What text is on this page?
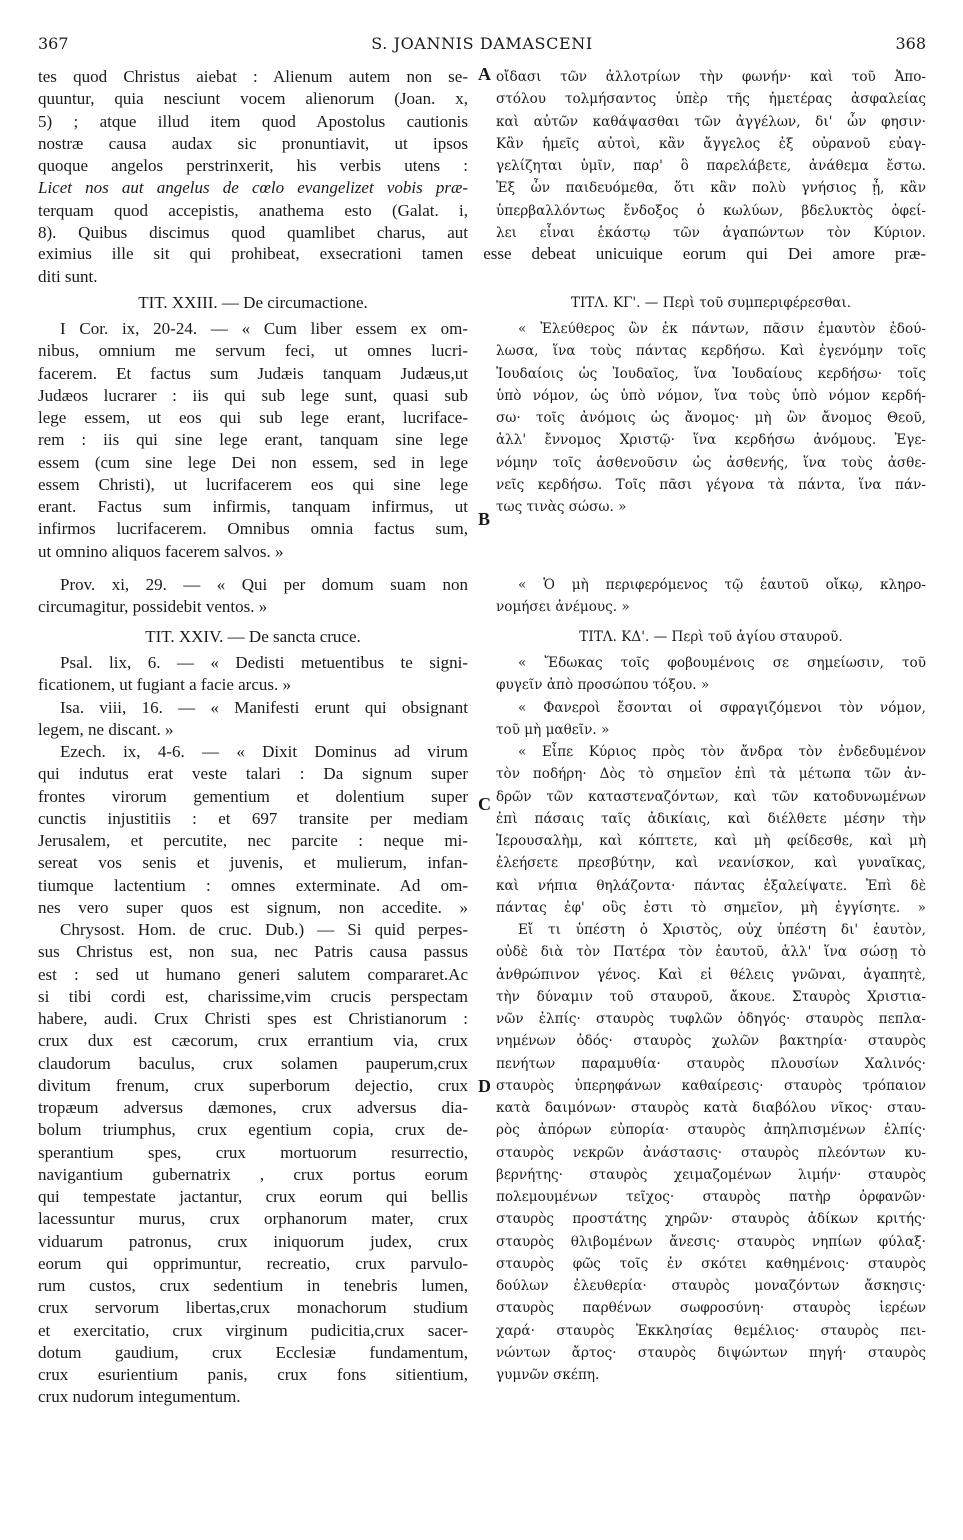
367	S. JOANNIS DAMASCENI	368
A
B
C
D
tes quod Christus aiebat : Alienum autem non se-
quuntur, quia nesciunt vocem alienorum (Joan. x,
5) ; atque illud item quod Apostolus cautionis
nostræ causa audax sic pronuntiavit, ut ipsos
quoque angelos perstrinxerit, his verbis utens :
Licet nos aut angelus de cœlo evangelizet vobis præ-
terquam quod accepistis, anathema esto (Galat. i,
8). Quibus discimus quod quamlibet charus, aut
οἴδασι τῶν ἀλλοτρίων τὴν φωνήν· καὶ τοῦ Ἀπο-
στόλου τολμήσαντος ὑπὲρ τῆς ἡμετέρας ἀσφαλείας
καὶ αὐτῶν καθάψασθαι τῶν ἀγγέλων, δι' ὧν φησιν·
Κἂν ἡμεῖς αὐτοὶ, κἂν ἄγγελος ἐξ οὐρανοῦ εὐαγ-
γελίζηται ὑμῖν, παρ' ὃ παρελάβετε, ἀνάθεμα ἔστω.
Ἐξ ὧν παιδευόμεθα, ὅτι κἂν πολὺ γνήσιος ᾖ, κἂν
ὑπερβαλλόντως ἔνδοξος ὁ κωλύων, βδελυκτὸς ὀφεί-
λει εἶναι ἑκάστῳ τῶν ἀγαπώντων τὸν Κύριον.
eximius ille sit qui prohibeat, exsecrationi tamen esse debeat unicuique eorum qui Dei amore præ-
diti sunt.
TIT. XXIII. — De circumactione.	ΤΙΤΛ. ΚΓ'. — Περὶ τοῦ συμπεριφέρεσθαι.
I Cor. ix, 20-24. — « Cum liber essem ex om-
nibus, omnium me servum feci, ut omnes lucri-
facerem. Et factus sum Judæis tanquam Judæus,ut
Judæos lucrarer : iis qui sub lege sunt, quasi sub
lege essem, ut eos qui sub lege erant, lucriface-
rem : iis qui sine lege erant, tanquam sine lege
essem (cum sine lege Dei non essem, sed in lege
essem Christi), ut lucrifacerem eos qui sine lege
erant. Factus sum infirmis, tanquam infirmus, ut
infirmos lucrifacerem. Omnibus omnia factus sum,
ut omnino aliquos facerem salvos. »
« Ἐλεύθερος ὢν ἐκ πάντων, πᾶσιν ἐμαυτὸν ἐδού-
λωσα, ἵνα τοὺς πάντας κερδήσω. Καὶ ἐγενόμην τοῖς
Ἰουδαίοις ὡς Ἰουδαῖος, ἵνα Ἰουδαίους κερδήσω· τοῖς
ὑπὸ νόμον, ὡς ὑπὸ νόμον, ἵνα τοὺς ὑπὸ νόμον κερδή-
σω· τοῖς ἀνόμοις ὡς ἄνομος· μὴ ὢν ἄνομος Θεοῦ,
ἀλλ' ἔννομος Χριστῷ· ἵνα κερδήσω ἀνόμους. Ἐγε-
νόμην τοῖς ἀσθενοῦσιν ὡς ἀσθενής, ἵνα τοὺς ἀσθε-
νεῖς κερδήσω. Τοῖς πᾶσι γέγονα τὰ πάντα, ἵνα πάν-
τως τινὰς σώσω. »
Prov. xi, 29. — « Qui per domum suam non
circumagitur, possidebit ventos. »
« Ὁ μὴ περιφερόμενος τῷ ἑαυτοῦ οἴκῳ, κληρο-
νομήσει ἀνέμους. »
TIT. XXIV. — De sancta cruce.	ΤΙΤΛ. ΚΔ'. — Περὶ τοῦ ἁγίου σταυροῦ.
Psal. lix, 6. — « Dedisti metuentibus te signi-
ficationem, ut fugiant a facie arcus. »
Isa. viii, 16. — « Manifesti erunt qui obsignant
legem, ne discant. »
Ezech. ix, 4-6. — « Dixit Dominus ad virum
qui indutus erat veste talari : Da signum super
frontes virorum gementium et dolentium super
cunctis injustitiis : et 697 transite per mediam
Jerusalem, et percutite, nec parcite : neque mi-
sereat vos senis et juvenis, et mulierum, infan-
tiumque lactentium : omnes exterminate. Ad om-
nes vero super quos est signum, non accedite. »
Chrysost. Hom. de cruc. Dub.) — Si quid perpes-
sus Christus est, non sua, nec Patris causa passus
est : sed ut humano generi salutem compararet.Ac
si tibi cordi est, charissime,vim crucis perspectam
habere, audi. Crux Christi spes est Christianorum :
crux dux est cæcorum, crux errantium via, crux
claudorum baculus, crux solamen pauperum,crux
divitum frenum, crux superborum dejectio, crux
tropæum adversus dæmones, crux adversus dia-
bolum triumphus, crux egentium copia, crux de-
sperantium spes, crux mortuorum resurrectio,
navigantium gubernatrix , crux portus eorum
qui tempestate jactantur, crux eorum qui bellis
lacessuntur murus, crux orphanorum mater, crux
viduarum patronus, crux iniquorum judex, crux
eorum qui opprimuntur, recreatio, crux parvulo-
rum custos, crux sedentium in tenebris lumen,
crux servorum libertas,crux monachorum studium
et exercitatio, crux virginum pudicitia,crux sacer-
dotum gaudium, crux Ecclesiæ fundamentum,
crux esurientium panis, crux fons sitientium,
crux nudorum integumentum.
« Ἔδωκας τοῖς φοβουμένοις σε σημείωσιν, τοῦ
φυγεῖν ἀπὸ προσώπου τόξου. »
« Φανεροὶ ἔσονται οἱ σφραγιζόμενοι τὸν νόμον,
τοῦ μὴ μαθεῖν. »
« Εἶπε Κύριος πρὸς τὸν ἄνδρα τὸν ἐνδεδυμένον
τὸν ποδήρη· Δὸς τὸ σημεῖον ἐπὶ τὰ μέτωπα τῶν ἀν-
δρῶν τῶν καταστεναζόντων, καὶ τῶν κατοδυνωμένων
ἐπὶ πάσαις ταῖς ἀδικίαις, καὶ διέλθετε μέσην τὴν
Ἱερουσαλὴμ, καὶ κόπτετε, καὶ μὴ φείδεσθε, καὶ μὴ
ἐλεήσετε πρεσβύτην, καὶ νεανίσκον, καὶ γυναῖκας,
καὶ νήπια θηλάζοντα· πάντας ἐξαλείψατε. Ἐπὶ δὲ
πάντας ἐφ' οὓς ἐστι τὸ σημεῖον, μὴ ἐγγίσητε. »
Εἴ τι ὑπέστη ὁ Χριστὸς, οὐχ ὑπέστη δι' ἑαυτὸν,
οὐδὲ διὰ τὸν Πατέρα τὸν ἑαυτοῦ, ἀλλ' ἵνα σώσῃ τὸ
ἀνθρώπινον γένος. Καὶ εἰ θέλεις γνῶναι, ἀγαπητὲ,
τὴν δύναμιν τοῦ σταυροῦ, ἄκουε. Σταυρὸς Χριστια-
νῶν ἐλπίς· σταυρὸς τυφλῶν ὁδηγός· σταυρὸς πεπλα-
νημένων ὁδός· σταυρὸς χωλῶν βακτηρία· σταυρὸς
πενήτων παραμυθία· σταυρὸς πλουσίων Χαλινός·
σταυρὸς ὑπερηφάνων καθαίρεσις· σταυρὸς τρόπαιον
κατὰ δαιμόνων· σταυρὸς κατὰ διαβόλου νῖκος· σταυ-
ρὸς ἀπόρων εὐπορία· σταυρὸς ἀπηλπισμένων ἐλπίς·
σταυρὸς νεκρῶν ἀνάστασις· σταυρὸς πλεόντων κυ-
βερνήτης· σταυρὸς χειμαζομένων λιμήν· σταυρὸς
πολεμουμένων τεῖχος· σταυρὸς πατὴρ ὀρφανῶν·
σταυρὸς προστάτης χηρῶν· σταυρὸς ἀδίκων κριτής·
σταυρὸς θλιβομένων ἄνεσις· σταυρὸς νηπίων φύλαξ·
σταυρὸς φῶς τοῖς ἐν σκότει καθημένοις· σταυρὸς
δούλων ἐλευθερία· σταυρὸς μοναζόντων ἄσκησις·
σταυρὸς παρθένων σωφροσύνη· σταυρὸς ἱερέων
χαρά· σταυρὸς Ἐκκλησίας θεμέλιος· σταυρὸς πει-
νώντων ἄρτος· σταυρὸς διψώντων πηγή· σταυρὸς
γυμνῶν σκέπη.
